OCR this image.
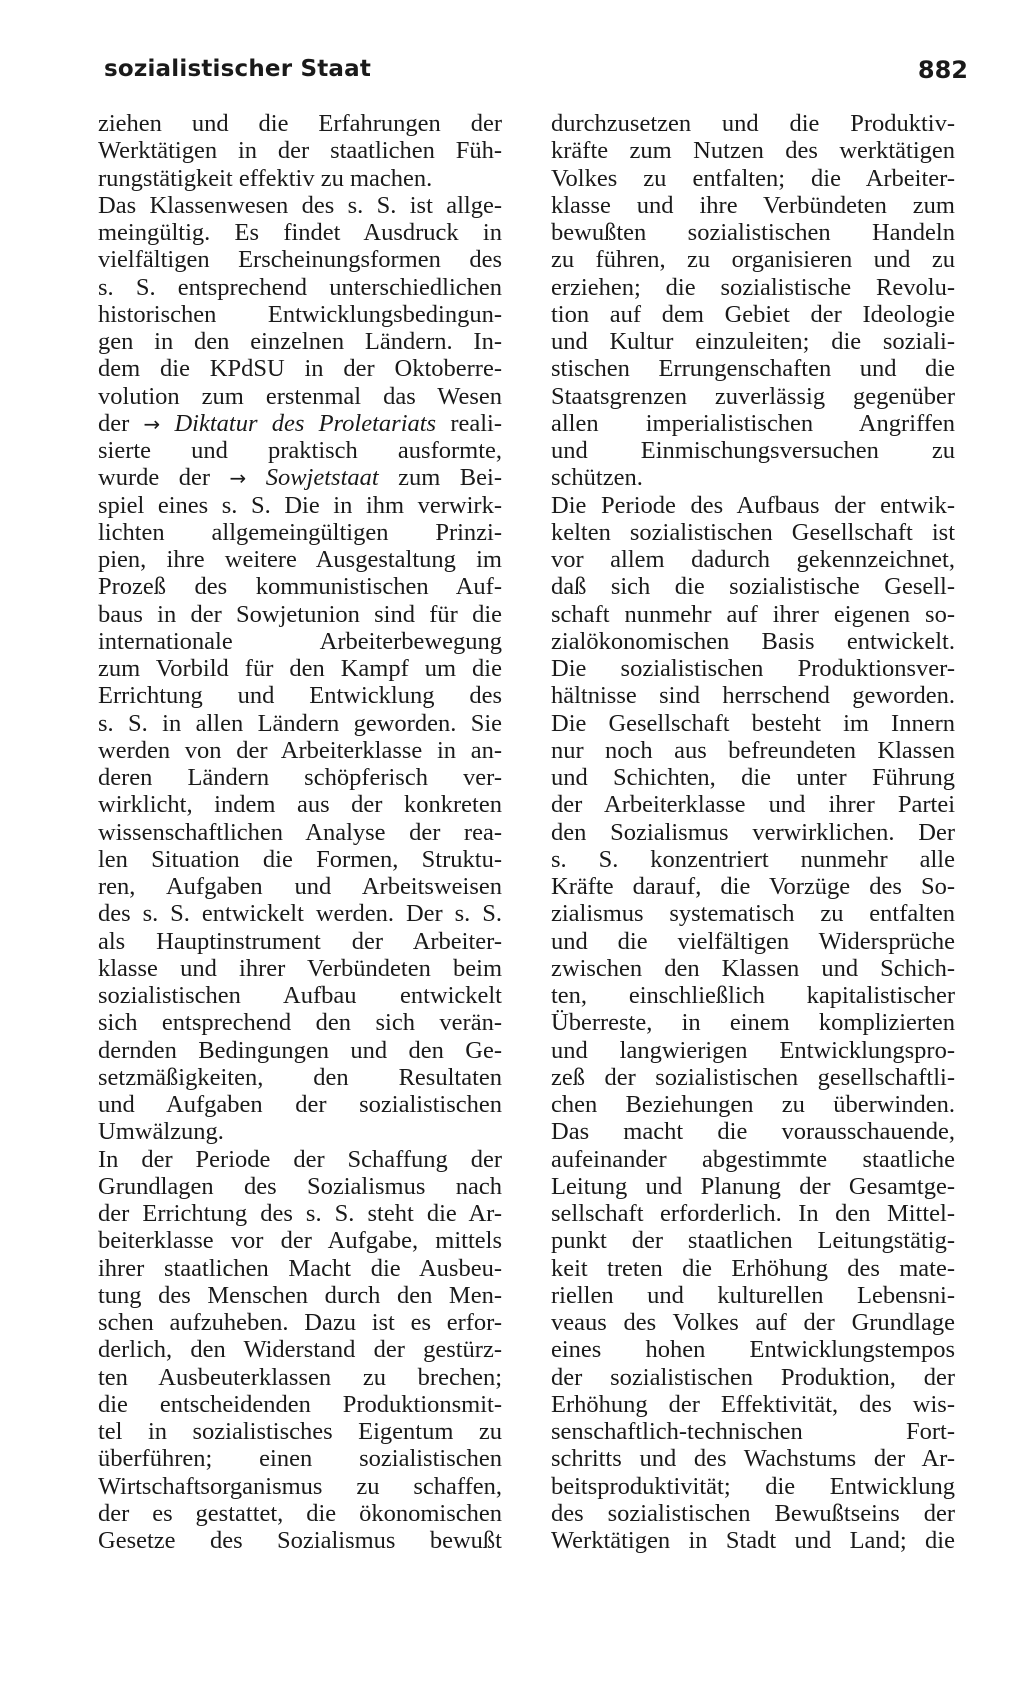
sozialistischer Staat	882
ziehen und die Erfahrungen der
Werktätigen in der staatlichen Füh-
rungstätigkeit effektiv zu machen.
Das Klassenwesen des s. S. ist allge-
meingültig. Es findet Ausdruck in
vielfältigen Erscheinungsformen des
s. S. entsprechend unterschiedlichen
historischen Entwicklungsbedingun-
gen in den einzelnen Ländern. In-
dem die KPdSU in der Oktoberre-
volution zum erstenmal das Wesen
der → Diktatur des Proletariats reali-
sierte und praktisch ausformte,
wurde der → Sowjetstaat zum Bei-
spiel eines s. S. Die in ihm verwirk-
lichten allgemeingültigen Prinzi-
pien, ihre weitere Ausgestaltung im
Prozeß des kommunistischen Auf-
baus in der Sowjetunion sind für die
internationale Arbeiterbewegung
zum Vorbild für den Kampf um die
Errichtung und Entwicklung des
s. S. in allen Ländern geworden. Sie
werden von der Arbeiterklasse in an-
deren Ländern schöpferisch ver-
wirklicht, indem aus der konkreten
wissenschaftlichen Analyse der rea-
len Situation die Formen, Struktu-
ren, Aufgaben und Arbeitsweisen
des s. S. entwickelt werden. Der s. S.
als Hauptinstrument der Arbeiter-
klasse und ihrer Verbündeten beim
sozialistischen Aufbau entwickelt
sich entsprechend den sich verän-
dernden Bedingungen und den Ge-
setzmäßigkeiten, den Resultaten
und Aufgaben der sozialistischen
Umwälzung.
In der Periode der Schaffung der
Grundlagen des Sozialismus nach
der Errichtung des s. S. steht die Ar-
beiterklasse vor der Aufgabe, mittels
ihrer staatlichen Macht die Ausbeu-
tung des Menschen durch den Men-
schen aufzuheben. Dazu ist es erfor-
derlich, den Widerstand der gestürz-
ten Ausbeuterklassen zu brechen;
die entscheidenden Produktionsmit-
tel in sozialistisches Eigentum zu
überführen; einen sozialistischen
Wirtschaftsorganismus zu schaffen,
der es gestattet, die ökonomischen
Gesetze des Sozialismus bewußt
durchzusetzen und die Produktiv-
kräfte zum Nutzen des werktätigen
Volkes zu entfalten; die Arbeiter-
klasse und ihre Verbündeten zum
bewußten sozialistischen Handeln
zu führen, zu organisieren und zu
erziehen; die sozialistische Revolu-
tion auf dem Gebiet der Ideologie
und Kultur einzuleiten; die soziali-
stischen Errungenschaften und die
Staatsgrenzen zuverlässig gegenüber
allen imperialistischen Angriffen
und Einmischungsversuchen zu
schützen.
Die Periode des Aufbaus der entwik-
kelten sozialistischen Gesellschaft ist
vor allem dadurch gekennzeichnet,
daß sich die sozialistische Gesell-
schaft nunmehr auf ihrer eigenen so-
zialökonomischen Basis entwickelt.
Die sozialistischen Produktionsver-
hältnisse sind herrschend geworden.
Die Gesellschaft besteht im Innern
nur noch aus befreundeten Klassen
und Schichten, die unter Führung
der Arbeiterklasse und ihrer Partei
den Sozialismus verwirklichen. Der
s. S. konzentriert nunmehr alle
Kräfte darauf, die Vorzüge des So-
zialismus systematisch zu entfalten
und die vielfältigen Widersprüche
zwischen den Klassen und Schich-
ten, einschließlich kapitalistischer
Überreste, in einem komplizierten
und langwierigen Entwicklungspro-
zeß der sozialistischen gesellschaftli-
chen Beziehungen zu überwinden.
Das macht die vorausschauende,
aufeinander abgestimmte staatliche
Leitung und Planung der Gesamtge-
sellschaft erforderlich. In den Mittel-
punkt der staatlichen Leitungstätig-
keit treten die Erhöhung des mate-
riellen und kulturellen Lebensni-
veaus des Volkes auf der Grundlage
eines hohen Entwicklungstempos
der sozialistischen Produktion, der
Erhöhung der Effektivität, des wis-
senschaftlich-technischen Fort-
schritts und des Wachstums der Ar-
beitsproduktivität; die Entwicklung
des sozialistischen Bewußtseins der
Werktätigen in Stadt und Land; die
